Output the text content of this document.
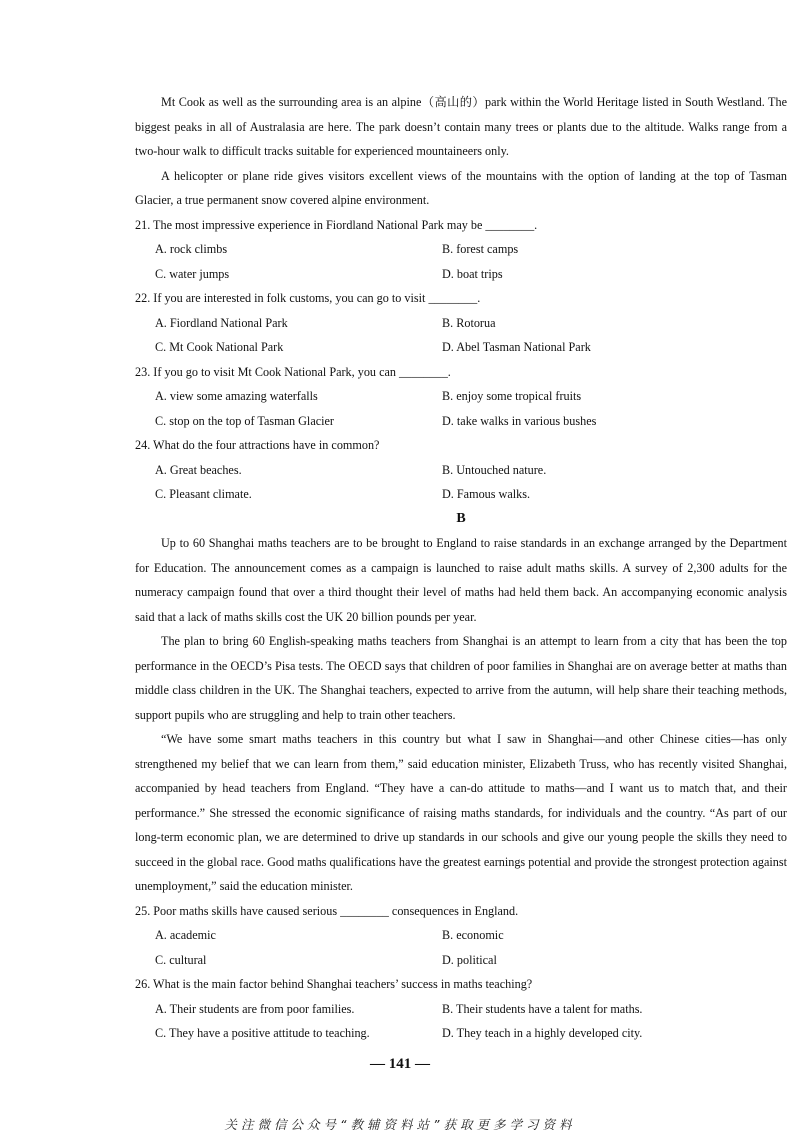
Mt Cook as well as the surrounding area is an alpine（高山的）park within the World Heritage listed in South Westland. The biggest peaks in all of Australasia are here. The park doesn’t contain many trees or plants due to the altitude. Walks range from a two-hour walk to difficult tracks suitable for experienced mountaineers only.

A helicopter or plane ride gives visitors excellent views of the mountains with the option of landing at the top of Tasman Glacier, a true permanent snow covered alpine environment.

21. The most impressive experience in Fiordland National Park may be ________.

A. rock climbs	B. forest camps
C. water jumps	D. boat trips

22. If you are interested in folk customs, you can go to visit ________.

A. Fiordland National Park	B. Rotorua
C. Mt Cook National Park	D. Abel Tasman National Park

23. If you go to visit Mt Cook National Park, you can ________.

A. view some amazing waterfalls	B. enjoy some tropical fruits
C. stop on the top of Tasman Glacier	D. take walks in various bushes

24. What do the four attractions have in common?

A. Great beaches.	B. Untouched nature.
C. Pleasant climate.	D. Famous walks.

B

Up to 60 Shanghai maths teachers are to be brought to England to raise standards in an exchange arranged by the Department for Education. The announcement comes as a campaign is launched to raise adult maths skills. A survey of 2,300 adults for the numeracy campaign found that over a third thought their level of maths had held them back. An accompanying economic analysis said that a lack of maths skills cost the UK 20 billion pounds per year.

The plan to bring 60 English-speaking maths teachers from Shanghai is an attempt to learn from a city that has been the top performance in the OECD’s Pisa tests. The OECD says that children of poor families in Shanghai are on average better at maths than middle class children in the UK. The Shanghai teachers, expected to arrive from the autumn, will help share their teaching methods, support pupils who are struggling and help to train other teachers.

“We have some smart maths teachers in this country but what I saw in Shanghai—and other Chinese cities—has only strengthened my belief that we can learn from them,” said education minister, Elizabeth Truss, who has recently visited Shanghai, accompanied by head teachers from England. “They have a can-do attitude to maths—and I want us to match that, and their performance.” She stressed the economic significance of raising maths standards, for individuals and the country. “As part of our long-term economic plan, we are determined to drive up standards in our schools and give our young people the skills they need to succeed in the global race. Good maths qualifications have the greatest earnings potential and provide the strongest protection against unemployment,” said the education minister.

25. Poor maths skills have caused serious ________ consequences in England.

A. academic	B. economic
C. cultural	D. political

26. What is the main factor behind Shanghai teachers’ success in maths teaching?

A. Their students are from poor families.	B. Their students have a talent for maths.
C. They have a positive attitude to teaching.	D. They teach in a highly developed city.
— 141 —
关注微信公众号“教辅资料站”获取更多学习资料
